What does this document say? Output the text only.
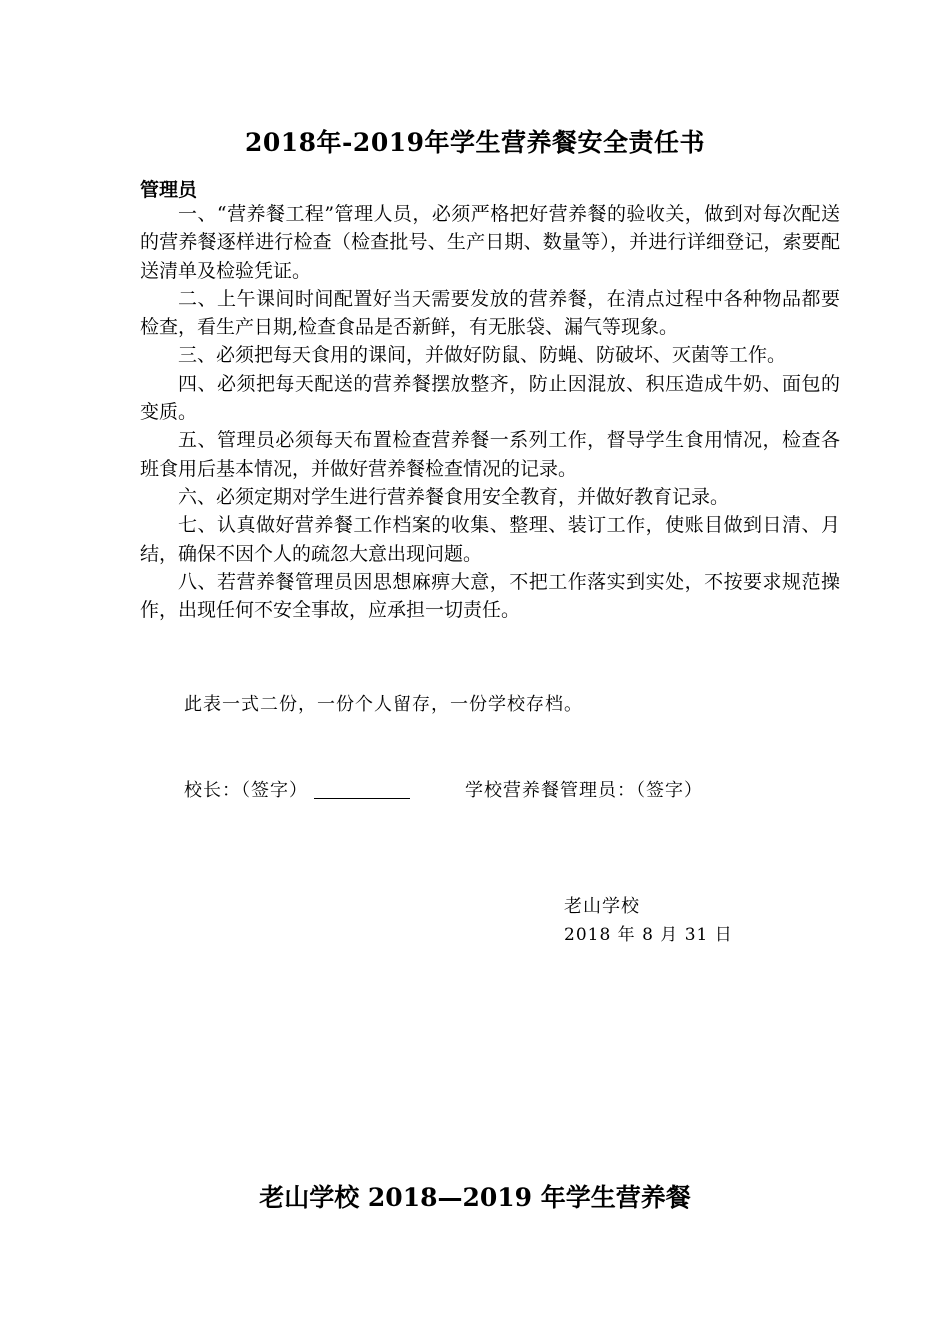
2018年-2019年学生营养餐安全责任书
管理员

一、“营养餐工程”管理人员，必须严格把好营养餐的验收关，做到对每次配送的营养餐逐样进行检查（检查批号、生产日期、数量等），并进行详细登记，索要配送清单及检验凭证。

二、上午课间时间配置好当天需要发放的营养餐，在清点过程中各种物品都要检查，看生产日期,检查食品是否新鲜，有无胀袋、漏气等现象。

三、必须把每天食用的课间，并做好防鼠、防蝇、防破坏、灭菌等工作。

四、必须把每天配送的营养餐摆放整齐，防止因混放、积压造成牛奶、面包的变质。

五、管理员必须每天布置检查营养餐一系列工作，督导学生食用情况，检查各班食用后基本情况，并做好营养餐检查情况的记录。

六、必须定期对学生进行营养餐食用安全教育，并做好教育记录。

七、认真做好营养餐工作档案的收集、整理、装订工作，使账目做到日清、月结，确保不因个人的疏忽大意出现问题。

八、若营养餐管理员因思想麻痹大意，不把工作落实到实处，不按要求规范操作，出现任何不安全事故，应承担一切责任。

此表一式二份，一份个人留存，一份学校存档。
校长：（签字）	学校营养餐管理员：（签字）
老山学校
2018 年 8 月 31 日
老山学校 2018—2019 年学生营养餐
